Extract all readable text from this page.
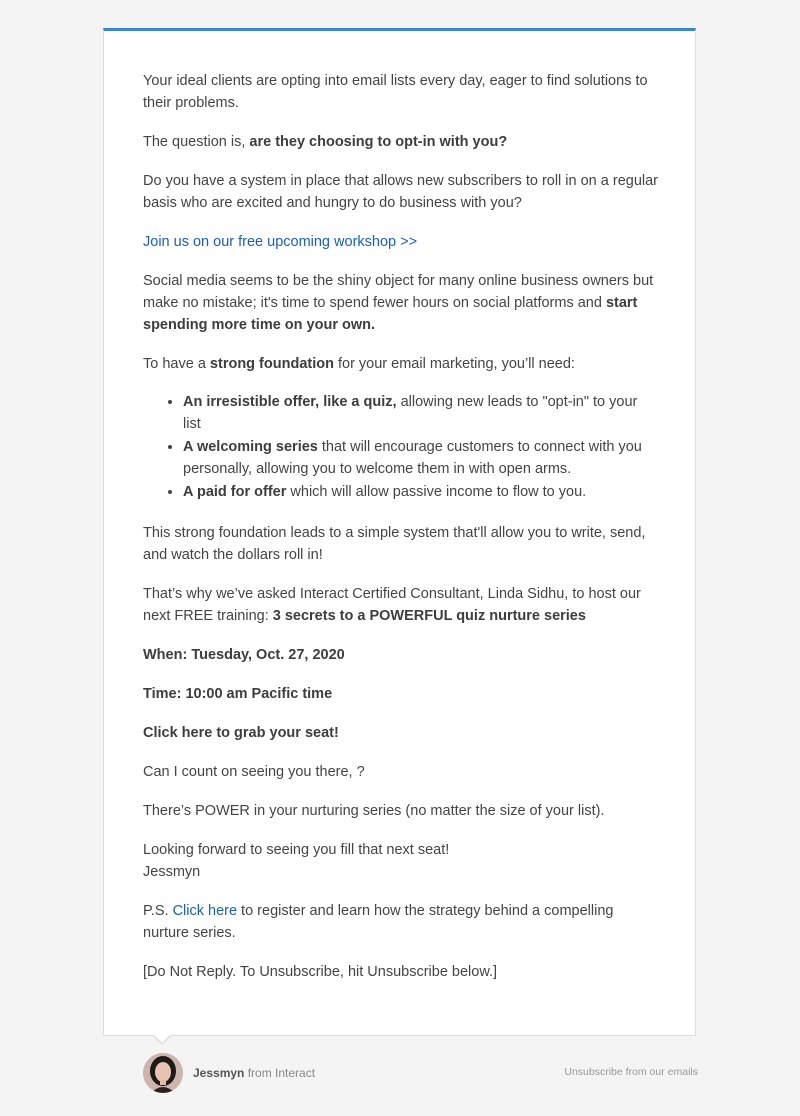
Your ideal clients are opting into email lists every day, eager to find solutions to their problems.

The question is, are they choosing to opt-in with you?

Do you have a system in place that allows new subscribers to roll in on a regular basis who are excited and hungry to do business with you?

Join us on our free upcoming workshop >>

Social media seems to be the shiny object for many online business owners but make no mistake; it's time to spend fewer hours on social platforms and start spending more time on your own.

To have a strong foundation for your email marketing, you’ll need:

• An irresistible offer, like a quiz, allowing new leads to "opt-in" to your list
• A welcoming series that will encourage customers to connect with you personally, allowing you to welcome them in with open arms.
• A paid for offer which will allow passive income to flow to you.

This strong foundation leads to a simple system that'll allow you to write, send, and watch the dollars roll in!

That’s why we’ve asked Interact Certified Consultant, Linda Sidhu, to host our next FREE training: 3 secrets to a POWERFUL quiz nurture series

When: Tuesday, Oct. 27, 2020

Time: 10:00 am Pacific time

Click here to grab your seat!

Can I count on seeing you there, ?

There’s POWER in your nurturing series (no matter the size of your list).

Looking forward to seeing you fill that next seat!
Jessmyn

P.S. Click here to register and learn how the strategy behind a compelling nurture series.

[Do Not Reply. To Unsubscribe, hit Unsubscribe below.]

Jessmyn from Interact	Unsubscribe from our emails
